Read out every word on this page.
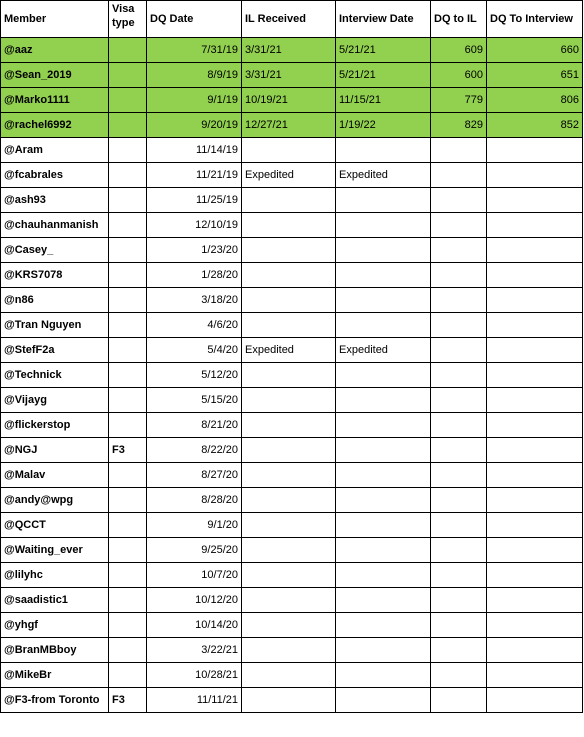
Member	Visa type	DQ Date	IL Received	Interview Date	DQ to IL	DQ To Interview
@aaz		7/31/19	3/31/21	5/21/21	609	660
@Sean_2019		8/9/19	3/31/21	5/21/21	600	651
@Marko1111		9/1/19	10/19/21	11/15/21	779	806
@rachel6992		9/20/19	12/27/21	1/19/22	829	852
@Aram		11/14/19				
@fcabrales		11/21/19	Expedited	Expedited		
@ash93		11/25/19				
@chauhanmanish		12/10/19				
@Casey_		1/23/20				
@KRS7078		1/28/20				
@n86		3/18/20				
@Tran Nguyen		4/6/20				
@StefF2a		5/4/20	Expedited	Expedited		
@Technick		5/12/20				
@Vijayg		5/15/20				
@flickerstop		8/21/20				
@NGJ	F3	8/22/20				
@Malav		8/27/20				
@andy@wpg		8/28/20				
@QCCT		9/1/20				
@Waiting_ever		9/25/20				
@lilyhc		10/7/20				
@saadistic1		10/12/20				
@yhgf		10/14/20				
@BranMBboy		3/22/21				
@MikeBr		10/28/21				
@F3-from Toronto	F3	11/11/21				
